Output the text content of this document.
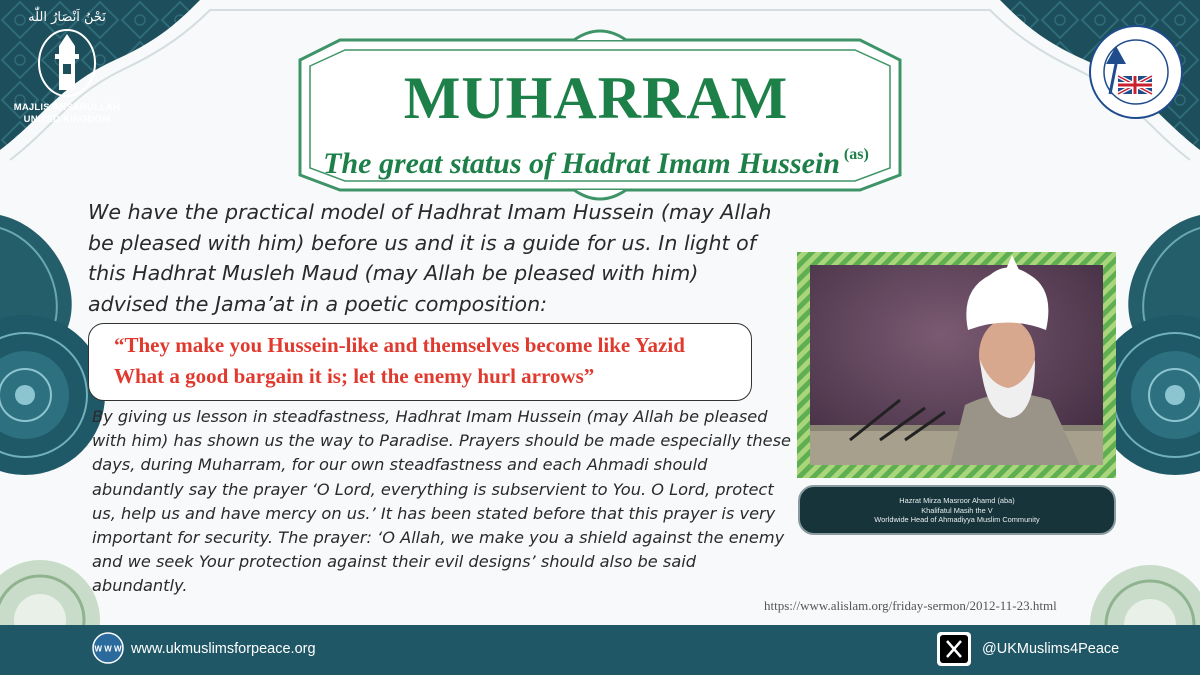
نَحْنُ اَنْصَارُ اللّٰه
MAJLIS ANSARULLAH
UNITED KINGDOM	MUHARRAM
The great status of Hadrat Imam Hussein $^{(as)}$
We have the practical model of Hadhrat Imam Hussein (may Allah be pleased with him) before us and it is a guide for us. In light of this Hadhrat Musleh Maud (may Allah be pleased with him) advised the Jama’at in a poetic composition:
“They make you Hussein-like and themselves become like Yazid
What a good bargain it is; let the enemy hurl arrows”
By giving us lesson in steadfastness, Hadhrat Imam Hussein (may Allah be pleased with him) has shown us the way to Paradise. Prayers should be made especially these days, during Muharram, for our own steadfastness and each Ahmadi should abundantly say the prayer ‘O Lord, everything is subservient to You. O Lord, protect us, help us and have mercy on us.’ It has been stated before that this prayer is very important for security. The prayer: ‘O Allah, we make you a shield against the enemy and we seek Your protection against their evil designs’ should also be said abundantly.
Hazrat Mirza Masroor Ahamd (aba)
Khalifatul Masih the V
Worldwide Head of Ahmadiyya Muslim Community
https://www.alislam.org/friday-sermon/2012-11-23.html
W W W www.ukmuslimsforpeace.org	@UKMuslims4Peace
